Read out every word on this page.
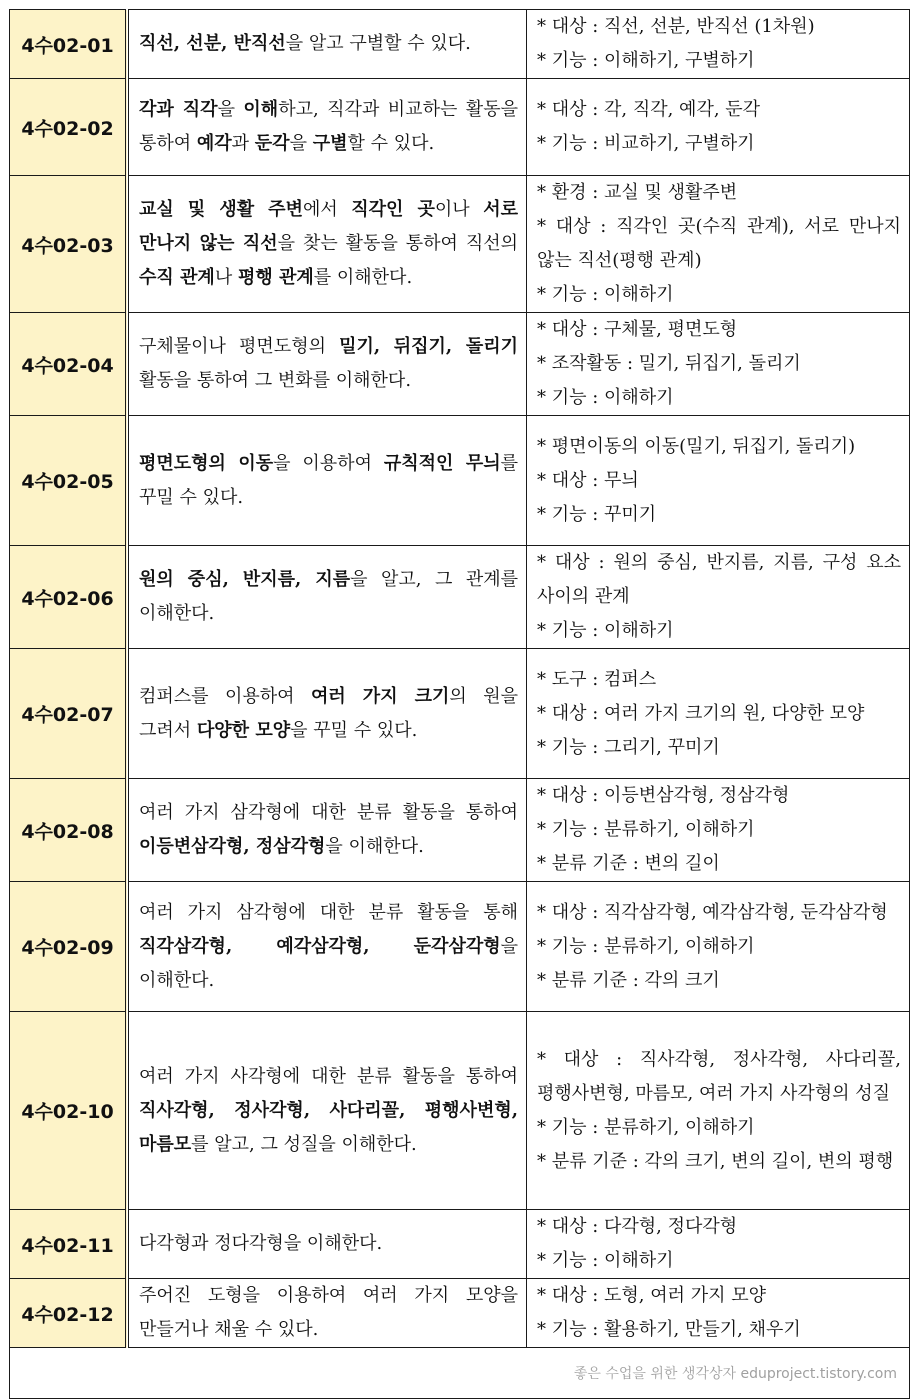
4수02-01	직선, 선분, 반직선을 알고 구별할 수 있다.	* 대상 : 직선, 선분, 반직선 (1차원)
* 기능 : 이해하기, 구별하기

4수02-02	각과 직각을 이해하고, 직각과 비교하는 활동을 통하여 예각과 둔각을 구별할 수 있다.	* 대상 : 각, 직각, 예각, 둔각
* 기능 : 비교하기, 구별하기

4수02-03	교실 및 생활 주변에서 직각인 곳이나 서로 만나지 않는 직선을 찾는 활동을 통하여 직선의 수직 관계나 평행 관계를 이해한다.	* 환경 : 교실 및 생활주변
* 대상 : 직각인 곳(수직 관계), 서로 만나지 않는 직선(평행 관계)
* 기능 : 이해하기

4수02-04	구체물이나 평면도형의 밀기, 뒤집기, 돌리기 활동을 통하여 그 변화를 이해한다.	* 대상 : 구체물, 평면도형
* 조작활동 : 밀기, 뒤집기, 돌리기
* 기능 : 이해하기

4수02-05	평면도형의 이동을 이용하여 규칙적인 무늬를 꾸밀 수 있다.	* 평면이동의 이동(밀기, 뒤집기, 돌리기)
* 대상 : 무늬
* 기능 : 꾸미기

4수02-06	원의 중심, 반지름, 지름을 알고, 그 관계를 이해한다.	* 대상 : 원의 중심, 반지름, 지름, 구성 요소 사이의 관계
* 기능 : 이해하기

4수02-07	컴퍼스를 이용하여 여러 가지 크기의 원을 그려서 다양한 모양을 꾸밀 수 있다.	* 도구 : 컴퍼스
* 대상 : 여러 가지 크기의 원, 다양한 모양
* 기능 : 그리기, 꾸미기

4수02-08	여러 가지 삼각형에 대한 분류 활동을 통하여 이등변삼각형, 정삼각형을 이해한다.	* 대상 : 이등변삼각형, 정삼각형
* 기능 : 분류하기, 이해하기
* 분류 기준 : 변의 길이

4수02-09	여러 가지 삼각형에 대한 분류 활동을 통해 직각삼각형, 예각삼각형, 둔각삼각형을 이해한다.	* 대상 : 직각삼각형, 예각삼각형, 둔각삼각형
* 기능 : 분류하기, 이해하기
* 분류 기준 : 각의 크기

4수02-10	여러 가지 사각형에 대한 분류 활동을 통하여 직사각형, 정사각형, 사다리꼴, 평행사변형, 마름모를 알고, 그 성질을 이해한다.	* 대상 : 직사각형, 정사각형, 사다리꼴, 평행사변형, 마름모, 여러 가지 사각형의 성질
* 기능 : 분류하기, 이해하기
* 분류 기준 : 각의 크기, 변의 길이, 변의 평행

4수02-11	다각형과 정다각형을 이해한다.	* 대상 : 다각형, 정다각형
* 기능 : 이해하기

4수02-12	주어진 도형을 이용하여 여러 가지 모양을 만들거나 채울 수 있다.	* 대상 : 도형, 여러 가지 모양
* 기능 : 활용하기, 만들기, 채우기

좋은 수업을 위한 생각상자 eduproject.tistory.com		
